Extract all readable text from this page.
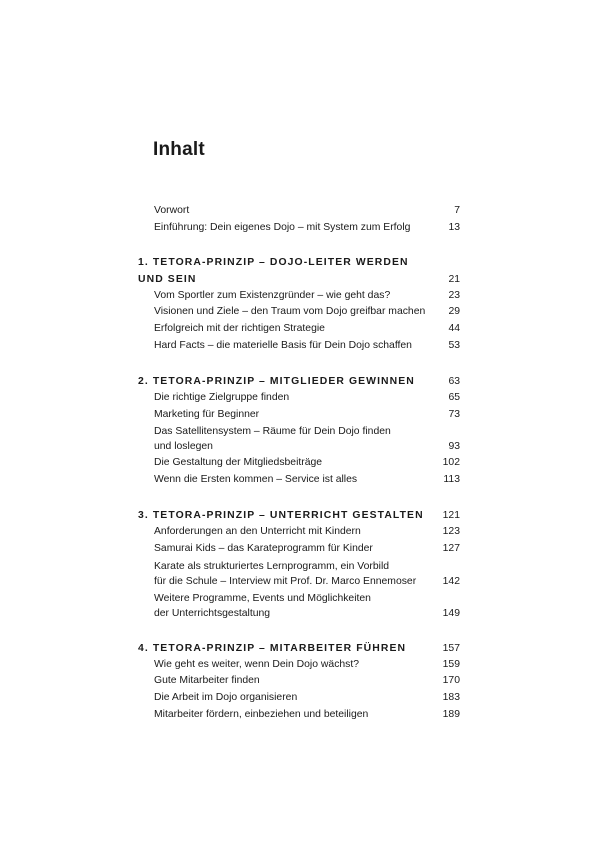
Inhalt
Vorwort	7
Einführung: Dein eigenes Dojo – mit System zum Erfolg	13
1. TETORA-PRINZIP – DOJO-LEITER WERDEN UND SEIN	21
Vom Sportler zum Existenzgründer – wie geht das?	23
Visionen und Ziele – den Traum vom Dojo greifbar machen	29
Erfolgreich mit der richtigen Strategie	44
Hard Facts – die materielle Basis für Dein Dojo schaffen	53
2. TETORA-PRINZIP – MITGLIEDER GEWINNEN	63
Die richtige Zielgruppe finden	65
Marketing für Beginner	73
Das Satellitensystem – Räume für Dein Dojo finden
und loslegen	93
Die Gestaltung der Mitgliedsbeiträge	102
Wenn die Ersten kommen – Service ist alles	113
3. TETORA-PRINZIP – UNTERRICHT GESTALTEN	121
Anforderungen an den Unterricht mit Kindern	123
Samurai Kids – das Karateprogramm für Kinder	127
Karate als strukturiertes Lernprogramm, ein Vorbild
für die Schule – Interview mit Prof. Dr. Marco Ennemoser	142
Weitere Programme, Events und Möglichkeiten
der Unterrichtsgestaltung	149
4. TETORA-PRINZIP – MITARBEITER FÜHREN	157
Wie geht es weiter, wenn Dein Dojo wächst?	159
Gute Mitarbeiter finden	170
Die Arbeit im Dojo organisieren	183
Mitarbeiter fördern, einbeziehen und beteiligen	189
